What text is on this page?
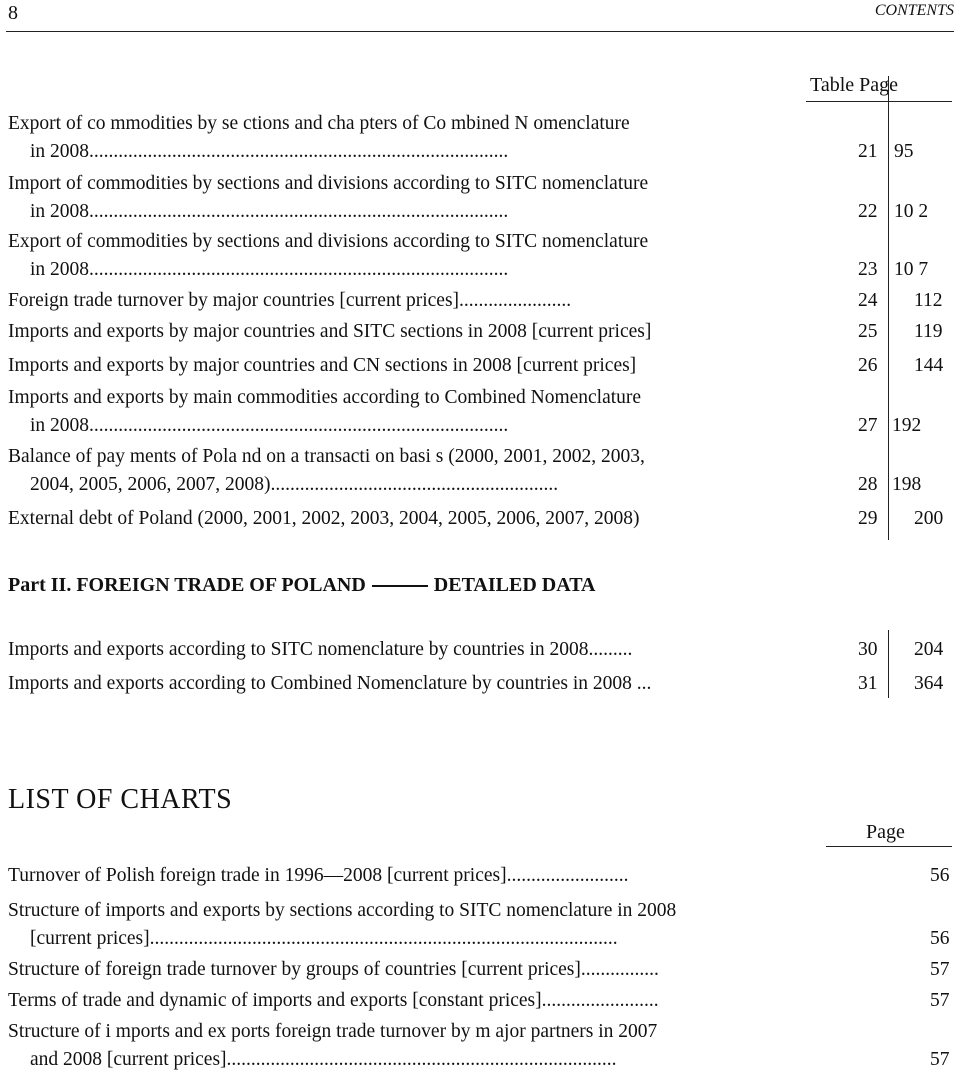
8	CONTENTS
Table Page
Export of co mmodities by se ctions and cha pters of Co mbined N omenclature
in 2008......................................................................................	21 95
Import of commodities by sections and divisions according to SITC nomenclature
in 2008......................................................................................	22 10 2
Export of commodities by sections and divisions according to SITC nomenclature
in 2008......................................................................................	23 10 7
Foreign trade turnover by major countries [current prices].......................	24 112
Imports and exports by major countries and SITC sections in 2008 [current prices]	25 119
Imports and exports by major countries and CN sections in 2008 [current prices]	26 144
Imports and exports by main commodities according to Combined Nomenclature
in 2008......................................................................................	27 192
Balance of pay ments of Pola nd on a transacti on basi s (2000, 2001, 2002, 2003,
2004, 2005, 2006, 2007, 2008)...........................................................	28 198
External debt of Poland (2000, 2001, 2002, 2003, 2004, 2005, 2006, 2007, 2008)	29 200
Part II. FOREIGN TRADE OF POLAND	DETAILED DATA
Imports and exports according to SITC nomenclature by countries in 2008.........	30 204
Imports and exports according to Combined Nomenclature by countries in 2008 ...	31 364
LIST OF CHARTS
Page
Turnover of Polish foreign trade in 1996—2008 [current prices].........................	56
Structure of imports and exports by sections according to SITC nomenclature in 2008
[current prices]................................................................................................	56
Structure of foreign trade turnover by groups of countries [current prices]................	57
Terms of trade and dynamic of imports and exports [constant prices]........................	57
Structure of i mports and ex ports foreign trade turnover by m ajor partners in 2007
and 2008 [current prices]................................................................................	57
